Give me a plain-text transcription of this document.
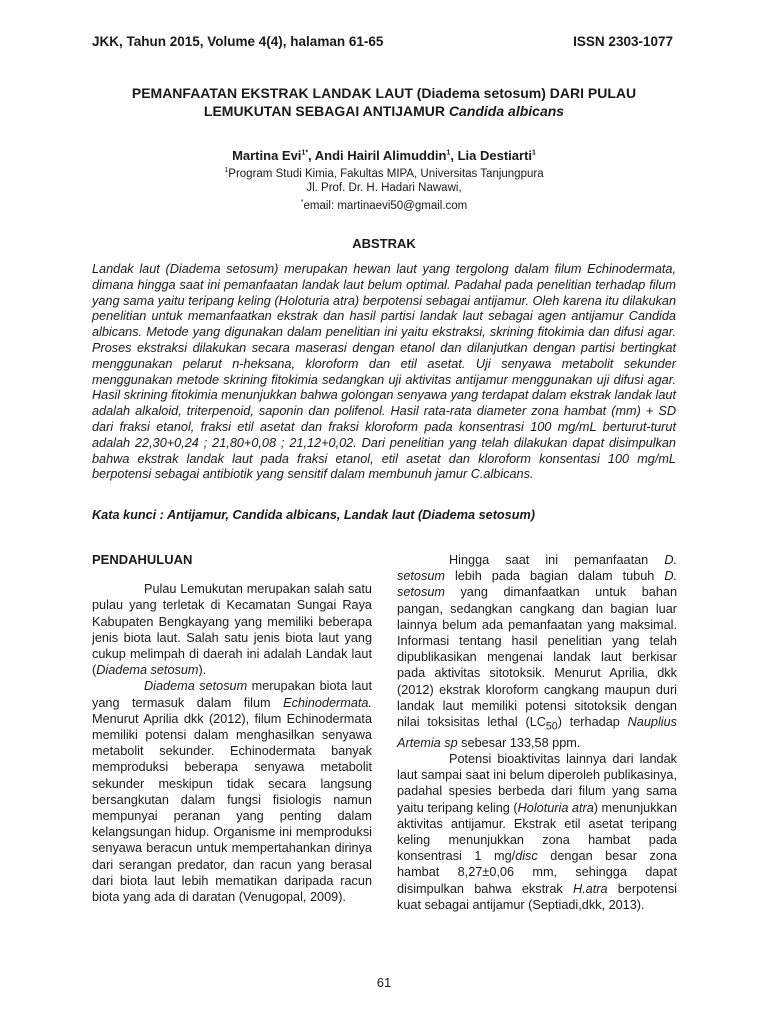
JKK, Tahun 2015, Volume 4(4), halaman 61-65	ISSN 2303-1077
PEMANFAATAN EKSTRAK LANDAK LAUT (Diadema setosum) DARI PULAU
LEMUKUTAN SEBAGAI ANTIJAMUR Candida albicans
Martina Evi$^{1*}$, Andi Hairil Alimuddin$^1$, Lia Destiarti$^1$
$^1$Program Studi Kimia, Fakultas MIPA, Universitas Tanjungpura
Jl. Prof. Dr. H. Hadari Nawawi,
*email: martinaevi50@gmail.com
ABSTRAK
Landak laut (Diadema setosum) merupakan hewan laut yang tergolong dalam filum Echinodermata, dimana hingga saat ini pemanfaatan landak laut belum optimal. Padahal pada penelitian terhadap filum yang sama yaitu teripang keling (Holoturia atra) berpotensi sebagai antijamur. Oleh karena itu dilakukan penelitian untuk memanfaatkan ekstrak dan hasil partisi landak laut sebagai agen antijamur Candida albicans. Metode yang digunakan dalam penelitian ini yaitu ekstraksi, skrining fitokimia dan difusi agar. Proses ekstraksi dilakukan secara maserasi dengan etanol dan dilanjutkan dengan partisi bertingkat menggunakan pelarut n-heksana, kloroform dan etil asetat. Uji senyawa metabolit sekunder menggunakan metode skrining fitokimia sedangkan uji aktivitas antijamur menggunakan uji difusi agar. Hasil skrining fitokimia menunjukkan bahwa golongan senyawa yang terdapat dalam ekstrak landak laut adalah alkaloid, triterpenoid, saponin dan polifenol. Hasil rata-rata diameter zona hambat (mm) + SD dari fraksi etanol, fraksi etil asetat dan fraksi kloroform pada konsentrasi 100 mg/mL berturut-turut adalah 22,30+0,24 ; 21,80+0,08 ; 21,12+0,02. Dari penelitian yang telah dilakukan dapat disimpulkan bahwa ekstrak landak laut pada fraksi etanol, etil asetat dan kloroform konsentasi 100 mg/mL berpotensi sebagai antibiotik yang sensitif dalam membunuh jamur C.albicans.
Kata kunci : Antijamur, Candida albicans, Landak laut (Diadema setosum)
PENDAHULUAN

Pulau Lemukutan merupakan salah satu pulau yang terletak di Kecamatan Sungai Raya Kabupaten Bengkayang yang memiliki beberapa jenis biota laut. Salah satu jenis biota laut yang cukup melimpah di daerah ini adalah Landak laut (Diadema setosum).

Diadema setosum merupakan biota laut yang termasuk dalam filum Echinodermata. Menurut Aprilia dkk (2012), filum Echinodermata memiliki potensi dalam menghasilkan senyawa metabolit sekunder. Echinodermata banyak memproduksi beberapa senyawa metabolit sekunder meskipun tidak secara langsung bersangkutan dalam fungsi fisiologis namun mempunyai peranan yang penting dalam kelangsungan hidup. Organisme ini memproduksi senyawa beracun untuk mempertahankan dirinya dari serangan predator, dan racun yang berasal dari biota laut lebih mematikan daripada racun biota yang ada di daratan (Venugopal, 2009).

Hingga saat ini pemanfaatan D. setosum lebih pada bagian dalam tubuh D. setosum yang dimanfaatkan untuk bahan pangan, sedangkan cangkang dan bagian luar lainnya belum ada pemanfaatan yang maksimal. Informasi tentang hasil penelitian yang telah dipublikasikan mengenai landak laut berkisar pada aktivitas sitotoksik. Menurut Aprilia, dkk (2012) ekstrak kloroform cangkang maupun duri landak laut memiliki potensi sitotoksik dengan nilai toksisitas lethal $(LC_{50})$ terhadap Nauplius Artemia sp sebesar 133,58 ppm.

Potensi bioaktivitas lainnya dari landak laut sampai saat ini belum diperoleh publikasinya, padahal spesies berbeda dari filum yang sama yaitu teripang keling (Holoturia atra) menunjukkan aktivitas antijamur. Ekstrak etil asetat teripang keling menunjukkan zona hambat pada konsentrasi 1 mg/disc dengan besar zona hambat 8,27±0,06 mm, sehingga dapat disimpulkan bahwa ekstrak H.atra berpotensi kuat sebagai antijamur (Septiadi,dkk, 2013).

61
